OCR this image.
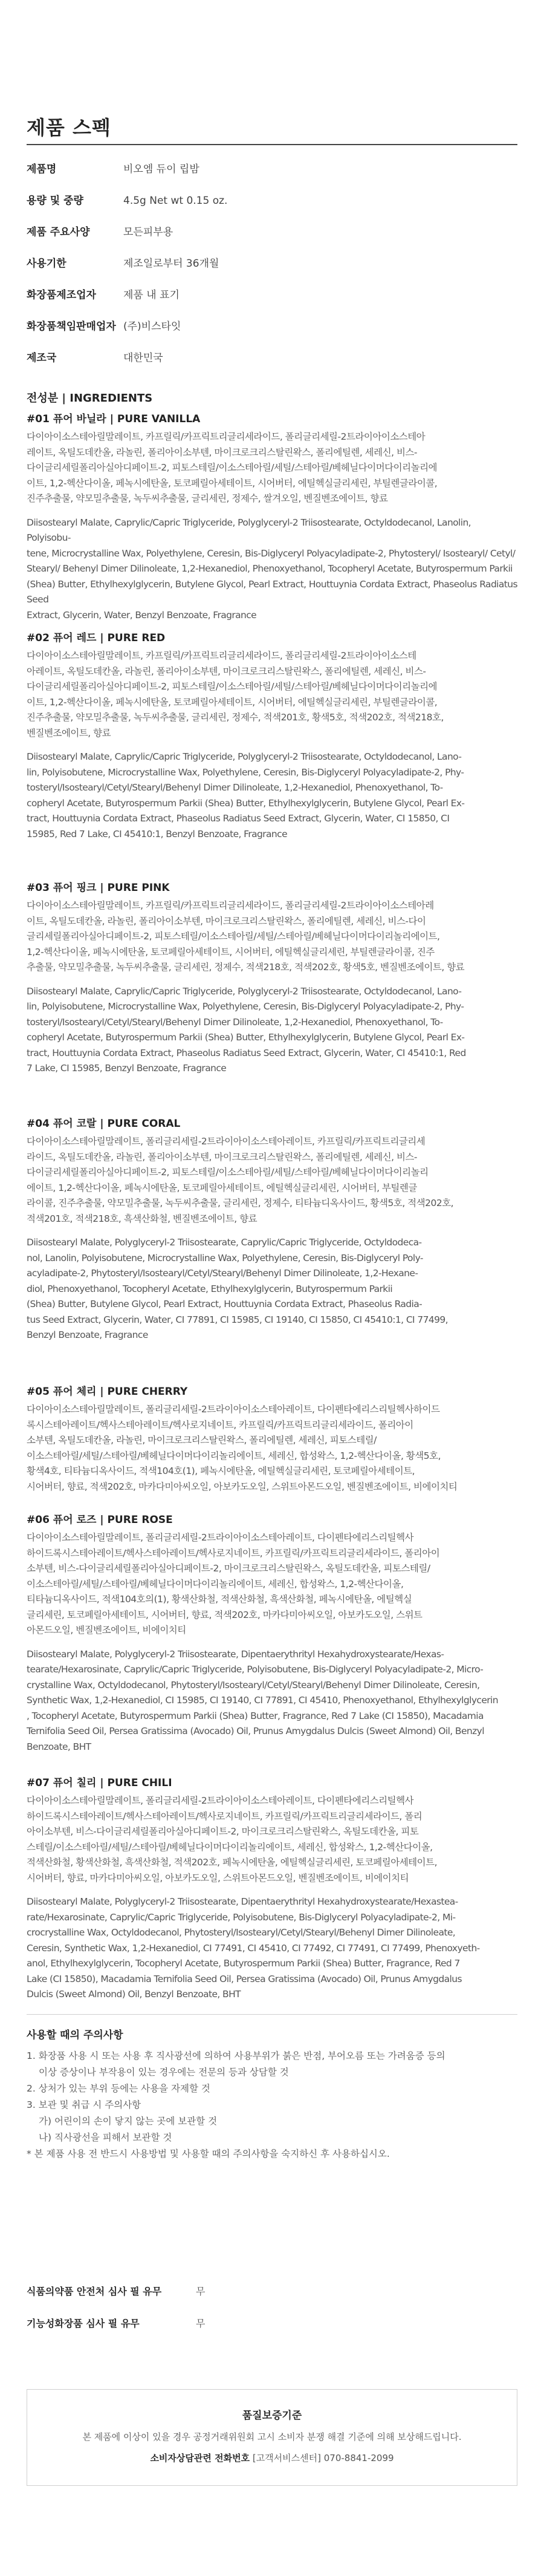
제품 스펙
제품명	비오엠 듀이 립밤
용량 및 중량	4.5g Net wt 0.15 oz.
제품 주요사양	모든피부용
사용기한	제조일로부터 36개월
화장품제조업자	제품 내 표기
화장품책임판매업자 (주)비스타잇
제조국	대한민국
전성분 | INGREDIENTS
#01 퓨어 바닐라 | PURE VANILLA
다이아이소스테아릴말레이트, 카프릴릭/카프릭트리글리세라이드, 폴리글리세릴-2트라이아이소스테아
레이트, 옥틸도데칸올, 라놀린, 폴리아이소부텐, 마이크로크리스탈린왁스, 폴리에틸렌, 세레신, 비스-
다이글리세릴폴리아실아디페이트-2, 피토스테릴/이소스테아릴/세틸/스테아릴/베헤닐다이머다이리놀리에
이트, 1,2-헥산다이올, 페녹시에탄올, 토코페릴아세테이트, 시어버터, 에틸헥실글리세린, 부틸렌글라이콜,
진주추출물, 약모밀추출물, 녹두씨추출물, 글리세린, 정제수, 쌀겨오일, 벤질벤조에이트, 향료
Diisostearyl Malate, Caprylic/Capric Triglyceride, Polyglyceryl-2 Triisostearate, Octyldodecanol, Lanolin, Polyisobu-
tene, Microcrystalline Wax, Polyethylene, Ceresin, Bis-Diglyceryl Polyacyladipate-2, Phytosteryl/ Isostearyl/ Cetyl/
Stearyl/ Behenyl Dimer Dilinoleate, 1,2-Hexanediol, Phenoxyethanol, Tocopheryl Acetate, Butyrospermum Parkii
(Shea) Butter, Ethylhexylglycerin, Butylene Glycol, Pearl Extract, Houttuynia Cordata Extract, Phaseolus Radiatus Seed
Extract, Glycerin, Water, Benzyl Benzoate, Fragrance
#02 퓨어 레드 | PURE RED
다이아이소스테아릴말레이트, 카프릴릭/카프릭트리글리세라이드, 폴리글리세릴-2트라이아이소스테
아레이트, 옥틸도데칸올, 라놀린, 폴리아이소부텐, 마이크로크리스탈린왁스, 폴리에틸렌, 세레신, 비스-
다이글리세릴폴리아실아디페이트-2, 피토스테릴/이소스테아릴/세틸/스테아릴/베헤닐다이머다이리놀리에
이트, 1,2-헥산다이올, 페녹시에탄올, 토코페릴아세테이트, 시어버터, 에틸헥실글리세린, 부틸렌글라이콜,
진주추출물, 약모밀추출물, 녹두씨추출물, 글리세린, 정제수, 적색201호, 황색5호, 적색202호, 적색218호,
벤질벤조에이트, 향료
Diisostearyl Malate, Caprylic/Capric Triglyceride, Polyglyceryl-2 Triisostearate, Octyldodecanol, Lano-
lin, Polyisobutene, Microcrystalline Wax, Polyethylene, Ceresin, Bis-Diglyceryl Polyacyladipate-2, Phy-
tosteryl/Isostearyl/Cetyl/Stearyl/Behenyl Dimer Dilinoleate, 1,2-Hexanediol, Phenoxyethanol, To-
copheryl Acetate, Butyrospermum Parkii (Shea) Butter, Ethylhexylglycerin, Butylene Glycol, Pearl Ex-
tract, Houttuynia Cordata Extract, Phaseolus Radiatus Seed Extract, Glycerin, Water, CI 15850, CI
15985, Red 7 Lake, CI 45410:1, Benzyl Benzoate, Fragrance
#03 퓨어 핑크 | PURE PINK
다이아이소스테아릴말레이트, 카프릴릭/카프릭트리글리세라이드, 폴리글리세릴-2트라이아이소스테아레
이트, 옥틸도데칸올, 라놀린, 폴리아이소부텐, 마이크로크리스탈린왁스, 폴리에틸렌, 세레신, 비스-다이
글리세릴폴리아실아디페이트-2, 피토스테릴/이소스테아릴/세틸/스테아릴/베헤닐다이머다이리놀리에이트,
1,2-헥산다이올, 페녹시에탄올, 토코페릴아세테이트, 시어버터, 에틸헥실글리세린, 부틸렌글라이콜, 진주
추출물, 약모밀추출물, 녹두씨추출물, 글리세린, 정제수, 적색218호, 적색202호, 황색5호, 벤질벤조에이트, 향료
Diisostearyl Malate, Caprylic/Capric Triglyceride, Polyglyceryl-2 Triisostearate, Octyldodecanol, Lano-
lin, Polyisobutene, Microcrystalline Wax, Polyethylene, Ceresin, Bis-Diglyceryl Polyacyladipate-2, Phy-
tosteryl/Isostearyl/Cetyl/Stearyl/Behenyl Dimer Dilinoleate, 1,2-Hexanediol, Phenoxyethanol, To-
copheryl Acetate, Butyrospermum Parkii (Shea) Butter, Ethylhexylglycerin, Butylene Glycol, Pearl Ex-
tract, Houttuynia Cordata Extract, Phaseolus Radiatus Seed Extract, Glycerin, Water, CI 45410:1, Red
7 Lake, CI 15985, Benzyl Benzoate, Fragrance
#04 퓨어 코랄 | PURE CORAL
다이아이소스테아릴말레이트, 폴리글리세릴-2트라이아이소스테아레이트, 카프릴릭/카프릭트리글리세
라이드, 옥틸도데칸올, 라놀린, 폴리아이소부텐, 마이크로크리스탈린왁스, 폴리에틸렌, 세레신, 비스-
다이글리세릴폴리아실아디페이트-2, 피토스테릴/이소스테아릴/세틸/스테아릴/베헤닐다이머다이리놀리
에이트, 1,2-헥산다이올, 페녹시에탄올, 토코페릴아세테이트, 에틸헥실글리세린, 시어버터, 부틸렌글
라이콜, 진주추출물, 약모밀추출물, 녹두씨추출물, 글리세린, 정제수, 티타늄디옥사이드, 황색5호, 적색202호,
적색201호, 적색218호, 흑색산화철, 벤질벤조에이트, 향료
Diisostearyl Malate, Polyglyceryl-2 Triisostearate, Caprylic/Capric Triglyceride, Octyldodeca-
nol, Lanolin, Polyisobutene, Microcrystalline Wax, Polyethylene, Ceresin, Bis-Diglyceryl Poly-
acyladipate-2, Phytosteryl/Isostearyl/Cetyl/Stearyl/Behenyl Dimer Dilinoleate, 1,2-Hexane-
diol, Phenoxyethanol, Tocopheryl Acetate, Ethylhexylglycerin, Butyrospermum Parkii
(Shea) Butter, Butylene Glycol, Pearl Extract, Houttuynia Cordata Extract, Phaseolus Radia-
tus Seed Extract, Glycerin, Water, CI 77891, CI 15985, CI 19140, CI 15850, CI 45410:1, CI 77499,
Benzyl Benzoate, Fragrance
#05 퓨어 체리 | PURE CHERRY
다이아이소스테아릴말레이트, 폴리글리세릴-2트라이아이소스테아레이트, 다이펜타에리스리틸헥사하이드
록시스테아레이트/헥사스테아레이트/헥사로지네이트, 카프릴릭/카프릭트리글리세라이드, 폴리아이
소부텐, 옥틸도데칸올, 라놀린, 마이크로크리스탈린왁스, 폴리에틸렌, 세레신, 피토스테릴/
이소스테아릴/세틸/스테아릴/베헤닐다이머다이리놀리에이트, 세레신, 합성왁스, 1,2-헥산다이올, 황색5호,
황색4호, 티타늄디옥사이드, 적색104호(1), 페녹시에탄올, 에틸헥실글리세린, 토코페릴아세테이트,
시어버터, 향료, 적색202호, 마카다미아씨오일, 아보카도오일, 스위트아몬드오일, 벤질벤조에이트, 비에이치티
#06 퓨어 로즈 | PURE ROSE
다이아이소스테아릴말레이트, 폴리글리세릴-2트라이아이소스테아레이트, 다이펜타에리스리틸헥사
하이드록시스테아레이트/헥사스테아레이트/헥사로지네이트, 카프릴릭/카프릭트리글리세라이드, 폴리아이
소부텐, 비스-다이글리세릴폴리아실아디페이트-2, 마이크로크리스탈린왁스, 옥틸도데칸올, 피토스테릴/
이소스테아릴/세틸/스테아릴/베헤닐다이머다이리놀리에이트, 세레신, 합성왁스, 1,2-헥산다이올,
티타늄디옥사이드, 적색104호의(1), 황색산화철, 적색산화철, 흑색산화철, 페녹시에탄올, 에틸헥실
글리세린, 토코페릴아세테이트, 시어버터, 향료, 적색202호, 마카다미아씨오일, 아보카도오일, 스위트
아몬드오일, 벤질벤조에이트, 비에이치티
Diisostearyl Malate, Polyglyceryl-2 Triisostearate, Dipentaerythrityl Hexahydroxystearate/Hexas-
tearate/Hexarosinate, Caprylic/Capric Triglyceride, Polyisobutene, Bis-Diglyceryl Polyacyladipate-2, Micro-
crystalline Wax, Octyldodecanol, Phytosteryl/Isostearyl/Cetyl/Stearyl/Behenyl Dimer Dilinoleate, Ceresin,
Synthetic Wax, 1,2-Hexanediol, CI 15985, CI 19140, CI 77891, CI 45410, Phenoxyethanol, Ethylhexylglycerin
, Tocopheryl Acetate, Butyrospermum Parkii (Shea) Butter, Fragrance, Red 7 Lake (CI 15850), Macadamia
Ternifolia Seed Oil, Persea Gratissima (Avocado) Oil, Prunus Amygdalus Dulcis (Sweet Almond) Oil, Benzyl
Benzoate, BHT
#07 퓨어 칠리 | PURE CHILI
다이아이소스테아릴말레이트, 폴리글리세릴-2트라이아이소스테아레이트, 다이펜타에리스리틸헥사
하이드록시스테아레이트/헥사스테아레이트/헥사로지네이트, 카프릴릭/카프릭트리글리세라이드, 폴리
아이소부텐, 비스-다이글리세릴폴리아실아디페이트-2, 마이크로크리스탈린왁스, 옥틸도데칸올, 피토
스테릴/이소스테아릴/세틸/스테아릴/베헤닐다이머다이리놀리에이트, 세레신, 합성왁스, 1,2-헥산다이올,
적색산화철, 황색산화철, 흑색산화철, 적색202호, 페녹시에탄올, 에틸헥실글리세린, 토코페릴아세테이트,
시어버터, 향료, 마카다미아씨오일, 아보카도오일, 스위트아몬드오일, 벤질벤조에이트, 비에이치티
Diisostearyl Malate, Polyglyceryl-2 Triisostearate, Dipentaerythrityl Hexahydroxystearate/Hexastea-
rate/Hexarosinate, Caprylic/Capric Triglyceride, Polyisobutene, Bis-Diglyceryl Polyacyladipate-2, Mi-
crocrystalline Wax, Octyldodecanol, Phytosteryl/Isostearyl/Cetyl/Stearyl/Behenyl Dimer Dilinoleate,
Ceresin, Synthetic Wax, 1,2-Hexanediol, CI 77491, CI 45410, CI 77492, CI 77491, CI 77499, Phenoxyeth-
anol, Ethylhexylglycerin, Tocopheryl Acetate, Butyrospermum Parkii (Shea) Butter, Fragrance, Red 7
Lake (CI 15850), Macadamia Ternifolia Seed Oil, Persea Gratissima (Avocado) Oil, Prunus Amygdalus
Dulcis (Sweet Almond) Oil, Benzyl Benzoate, BHT
사용할 때의 주의사항
1. 화장품 사용 시 또는 사용 후 직사광선에 의하여 사용부위가 붉은 반점, 부어오름 또는 가려움증 등의
이상 증상이나 부작용이 있는 경우에는 전문의 등과 상담할 것
2. 상처가 있는 부위 등에는 사용을 자제할 것
3. 보관 및 취급 시 주의사항
가) 어린이의 손이 닿지 않는 곳에 보관할 것
나) 직사광선을 피해서 보관할 것
* 본 제품 사용 전 반드시 사용방법 및 사용할 때의 주의사항을 숙지하신 후 사용하십시오.
식품의약품 안전처 심사 필 유무	무
기능성화장품 심사 필 유무	무
품질보증기준
본 제품에 이상이 있을 경우 공정거래위원회 고시 소비자 분쟁 해결 기준에 의해 보상해드립니다.
소비자상담관련 전화번호 [고객서비스센터] 070-8841-2099
